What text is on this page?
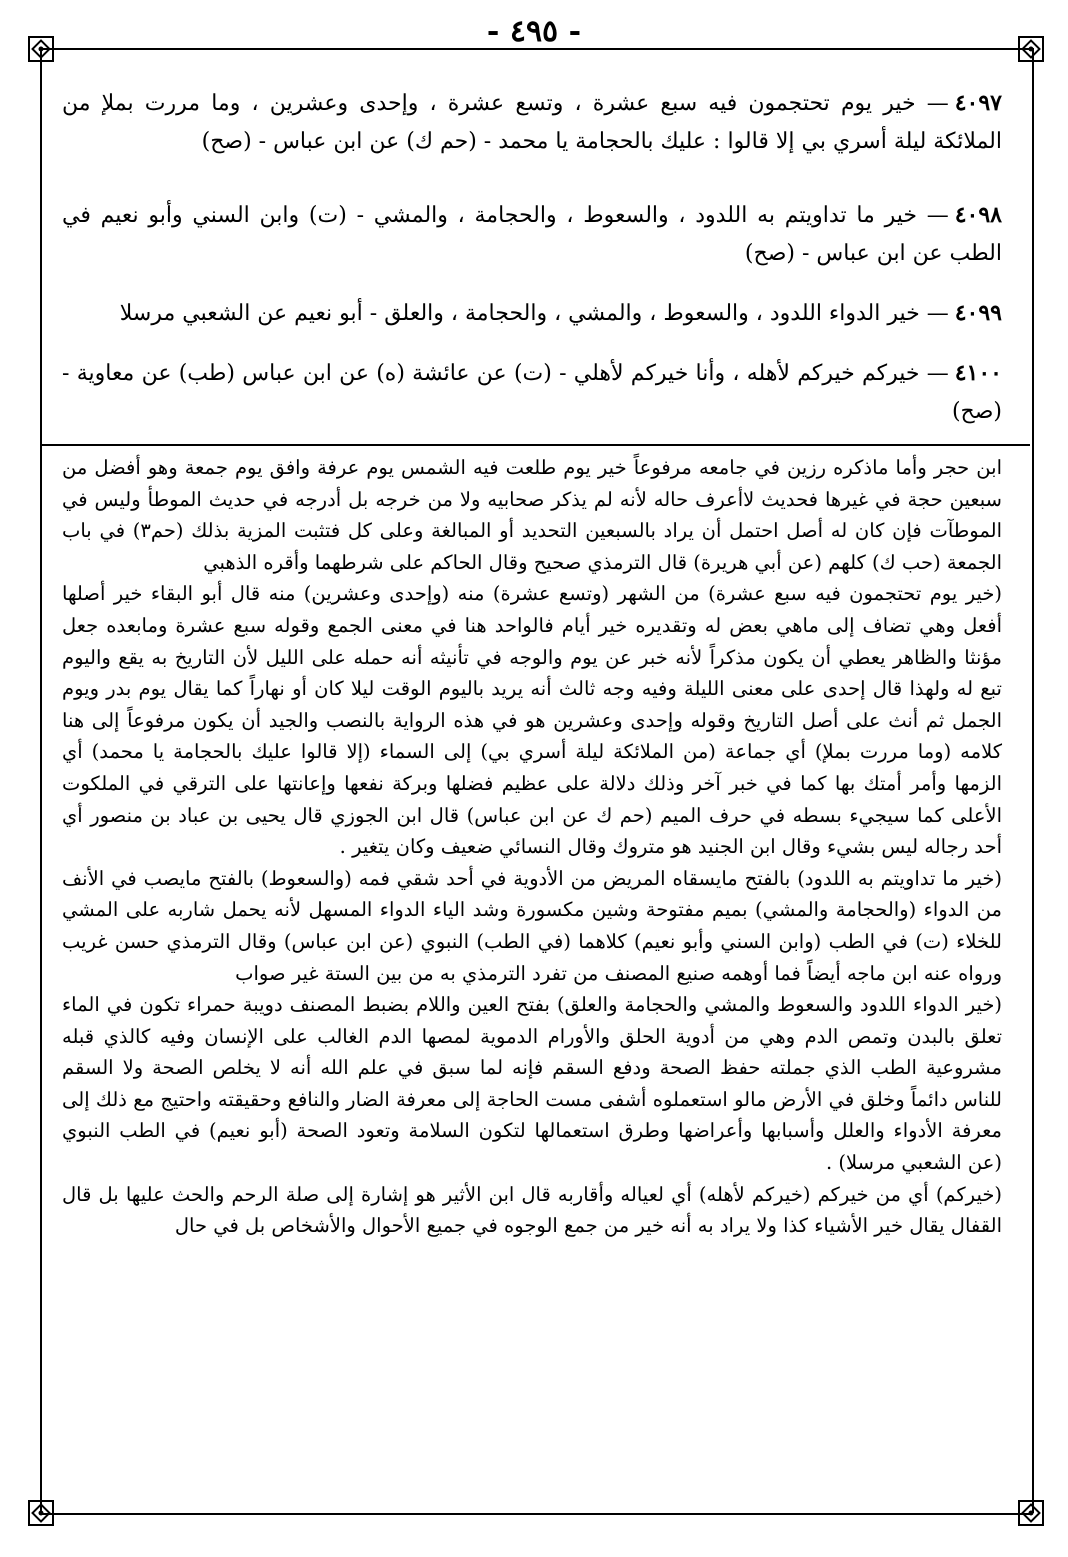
- ٤٩٥ -
٤٠٩٧— خير يوم تحتجمون فيه سبع عشرة ، وتسع عشرة ، وإحدى وعشرين ، وما مررت بملإ من الملائكة ليلة أسري بي إلا قالوا : عليك بالحجامة يا محمد - (حم ك) عن ابن عباس - (صح)
٤٠٩٨— خير ما تداويتم به اللدود ، والسعوط ، والحجامة ، والمشي - (ت) وابن السني وأبو نعيم في الطب عن ابن عباس - (صح)
٤٠٩٩— خير الدواء اللدود ، والسعوط ، والمشي ، والحجامة ، والعلق - أبو نعيم عن الشعبي مرسلا
٤١٠٠— خيركم خيركم لأهله ، وأنا خيركم لأهلي - (ت) عن عائشة (ه) عن ابن عباس (طب) عن معاوية - (صح)

ابن حجر وأما ماذكره رزين في جامعه مرفوعاً خير يوم طلعت فيه الشمس يوم عرفة وافق يوم جمعة وهو أفضل من سبعين حجة في غيرها فحديث لاأعرف حاله لأنه لم يذكر صحابيه ولا من خرجه بل أدرجه في حديث الموطأ وليس في الموطآت فإن كان له أصل احتمل أن يراد بالسبعين التحديد أو المبالغة وعلى كل فتثبت المزية بذلك (حم٣) في باب الجمعة (حب ك) كلهم (عن أبي هريرة) قال الترمذي صحيح وقال الحاكم على شرطهما وأقره الذهبي

(خير يوم تحتجمون فيه سبع عشرة) من الشهر (وتسع عشرة) منه (وإحدى وعشرين) منه قال أبو البقاء خير أصلها أفعل وهي تضاف إلى ماهي بعض له وتقديره خير أيام فالواحد هنا في معنى الجمع وقوله سبع عشرة ومابعده جعل مؤنثا والظاهر يعطي أن يكون مذكراً لأنه خبر عن يوم والوجه في تأنيثه أنه حمله على الليل لأن التاريخ به يقع واليوم تبع له ولهذا قال إحدى على معنى الليلة وفيه وجه ثالث أنه يريد باليوم الوقت ليلا كان أو نهاراً كما يقال يوم بدر ويوم الجمل ثم أنث على أصل التاريخ وقوله وإحدى وعشرين هو في هذه الرواية بالنصب والجيد أن يكون مرفوعاً إلى هنا كلامه (وما مررت بملإ) أي جماعة (من الملائكة ليلة أسري بي) إلى السماء (إلا قالوا عليك بالحجامة يا محمد) أي الزمها وأمر أمتك بها كما في خبر آخر وذلك دلالة على عظيم فضلها وبركة نفعها وإعانتها على الترقي في الملكوت الأعلى كما سيجيء بسطه في حرف الميم (حم ك عن ابن عباس) قال ابن الجوزي قال يحيى بن عباد بن منصور أي أحد رجاله ليس بشيء وقال ابن الجنيد هو متروك وقال النسائي ضعيف وكان يتغير .

(خير ما تداويتم به اللدود) بالفتح مايسقاه المريض من الأدوية في أحد شقي فمه (والسعوط) بالفتح مايصب في الأنف من الدواء (والحجامة والمشي) بميم مفتوحة وشين مكسورة وشد الياء الدواء المسهل لأنه يحمل شاربه على المشي للخلاء (ت) في الطب (وابن السني وأبو نعيم) كلاهما (في الطب) النبوي (عن ابن عباس) وقال الترمذي حسن غريب ورواه عنه ابن ماجه أيضاً فما أوهمه صنيع المصنف من تفرد الترمذي به من بين الستة غير صواب

(خير الدواء اللدود والسعوط والمشي والحجامة والعلق) بفتح العين واللام بضبط المصنف دويبة حمراء تكون في الماء تعلق بالبدن وتمص الدم وهي من أدوية الحلق والأورام الدموية لمصها الدم الغالب على الإنسان وفيه كالذي قبله مشروعية الطب الذي جملته حفظ الصحة ودفع السقم فإنه لما سبق في علم الله أنه لا يخلص الصحة ولا السقم للناس دائماً وخلق في الأرض مالو استعملوه أشفى مست الحاجة إلى معرفة الضار والنافع وحقيقته واحتيج مع ذلك إلى معرفة الأدواء والعلل وأسبابها وأعراضها وطرق استعمالها لتكون السلامة وتعود الصحة (أبو نعيم) في الطب النبوي (عن الشعبي مرسلا) .

(خيركم) أي من خيركم (خيركم لأهله) أي لعياله وأقاربه قال ابن الأثير هو إشارة إلى صلة الرحم والحث عليها بل قال القفال يقال خير الأشياء كذا ولا يراد به أنه خير من جمع الوجوه في جميع الأحوال والأشخاص بل في حال
